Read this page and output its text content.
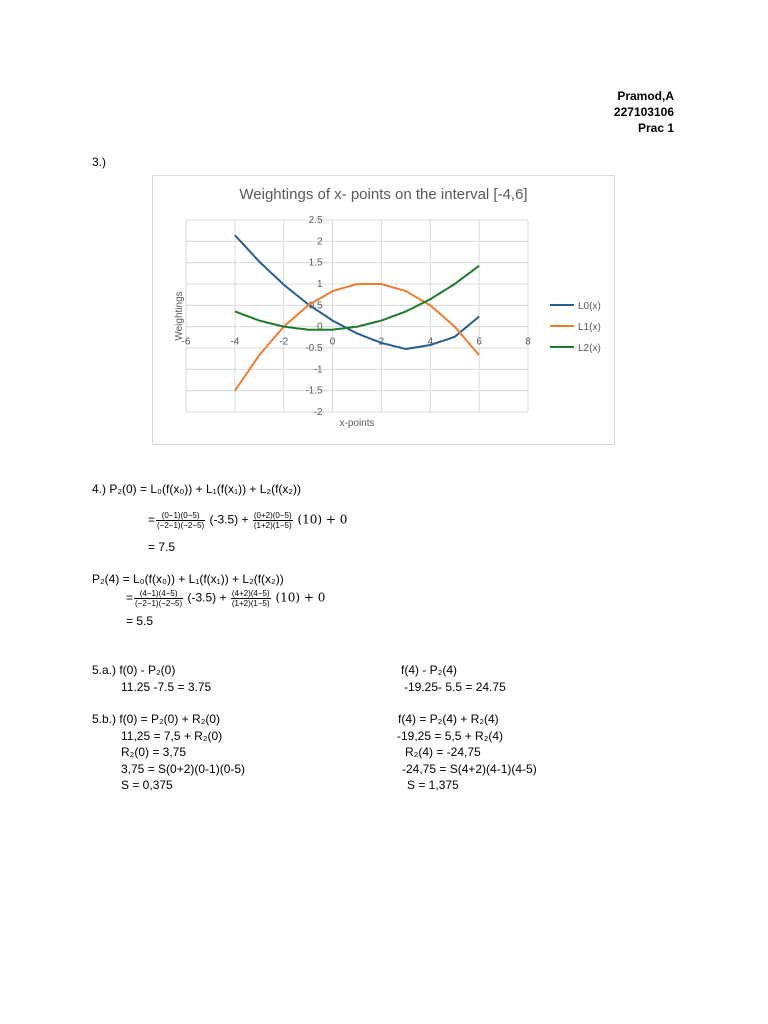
Pramod,A
227103106
Prac 1
3.)
Weightings of x- points on the interval [-4,6]
2.5
2
1.5
1
0.5
0
-0.5
-1
-1.5
-2
-6	-4	-2	0	2	4	6	8
x-points
Weightings	L0(x)
L1(x)
L2(x)
4.) P₂(0) = L₀(f(x₀)) + L₁(f(x₁)) + L₂(f(x₂))
= $\frac{(0-1)(0-5)}{(-2-1)(-2-5)} (-3.5) + \frac{(0+2)(0-5)}{(1+2)(1-5)} (10) + 0$
= 7.5
P₂(4) = L₀(f(x₀)) + L₁(f(x₁)) + L₂(f(x₂))
= $\frac{(4-1)(4-5)}{(-2-1)(-2-5)} (-3.5) + \frac{(4+2)(4-5)}{(1+2)(1-5)} (10) + 0$
= 5.5
5.a.) f(0) - P₂(0)
11.25 -7.5 = 3.75
f(4) - P₂(4)
-19.25- 5.5 = 24.75
5.b.) f(0) = P₂(0) + R₂(0)
11,25 = 7,5 + R₂(0)
R₂(0) = 3,75
3,75 = S(0+2)(0-1)(0-5)
S = 0,375
f(4) = P₂(4) + R₂(4)
-19,25 = 5,5 + R₂(4)
R₂(4) = -24,75
-24,75 = S(4+2)(4-1)(4-5)
S = 1,375
